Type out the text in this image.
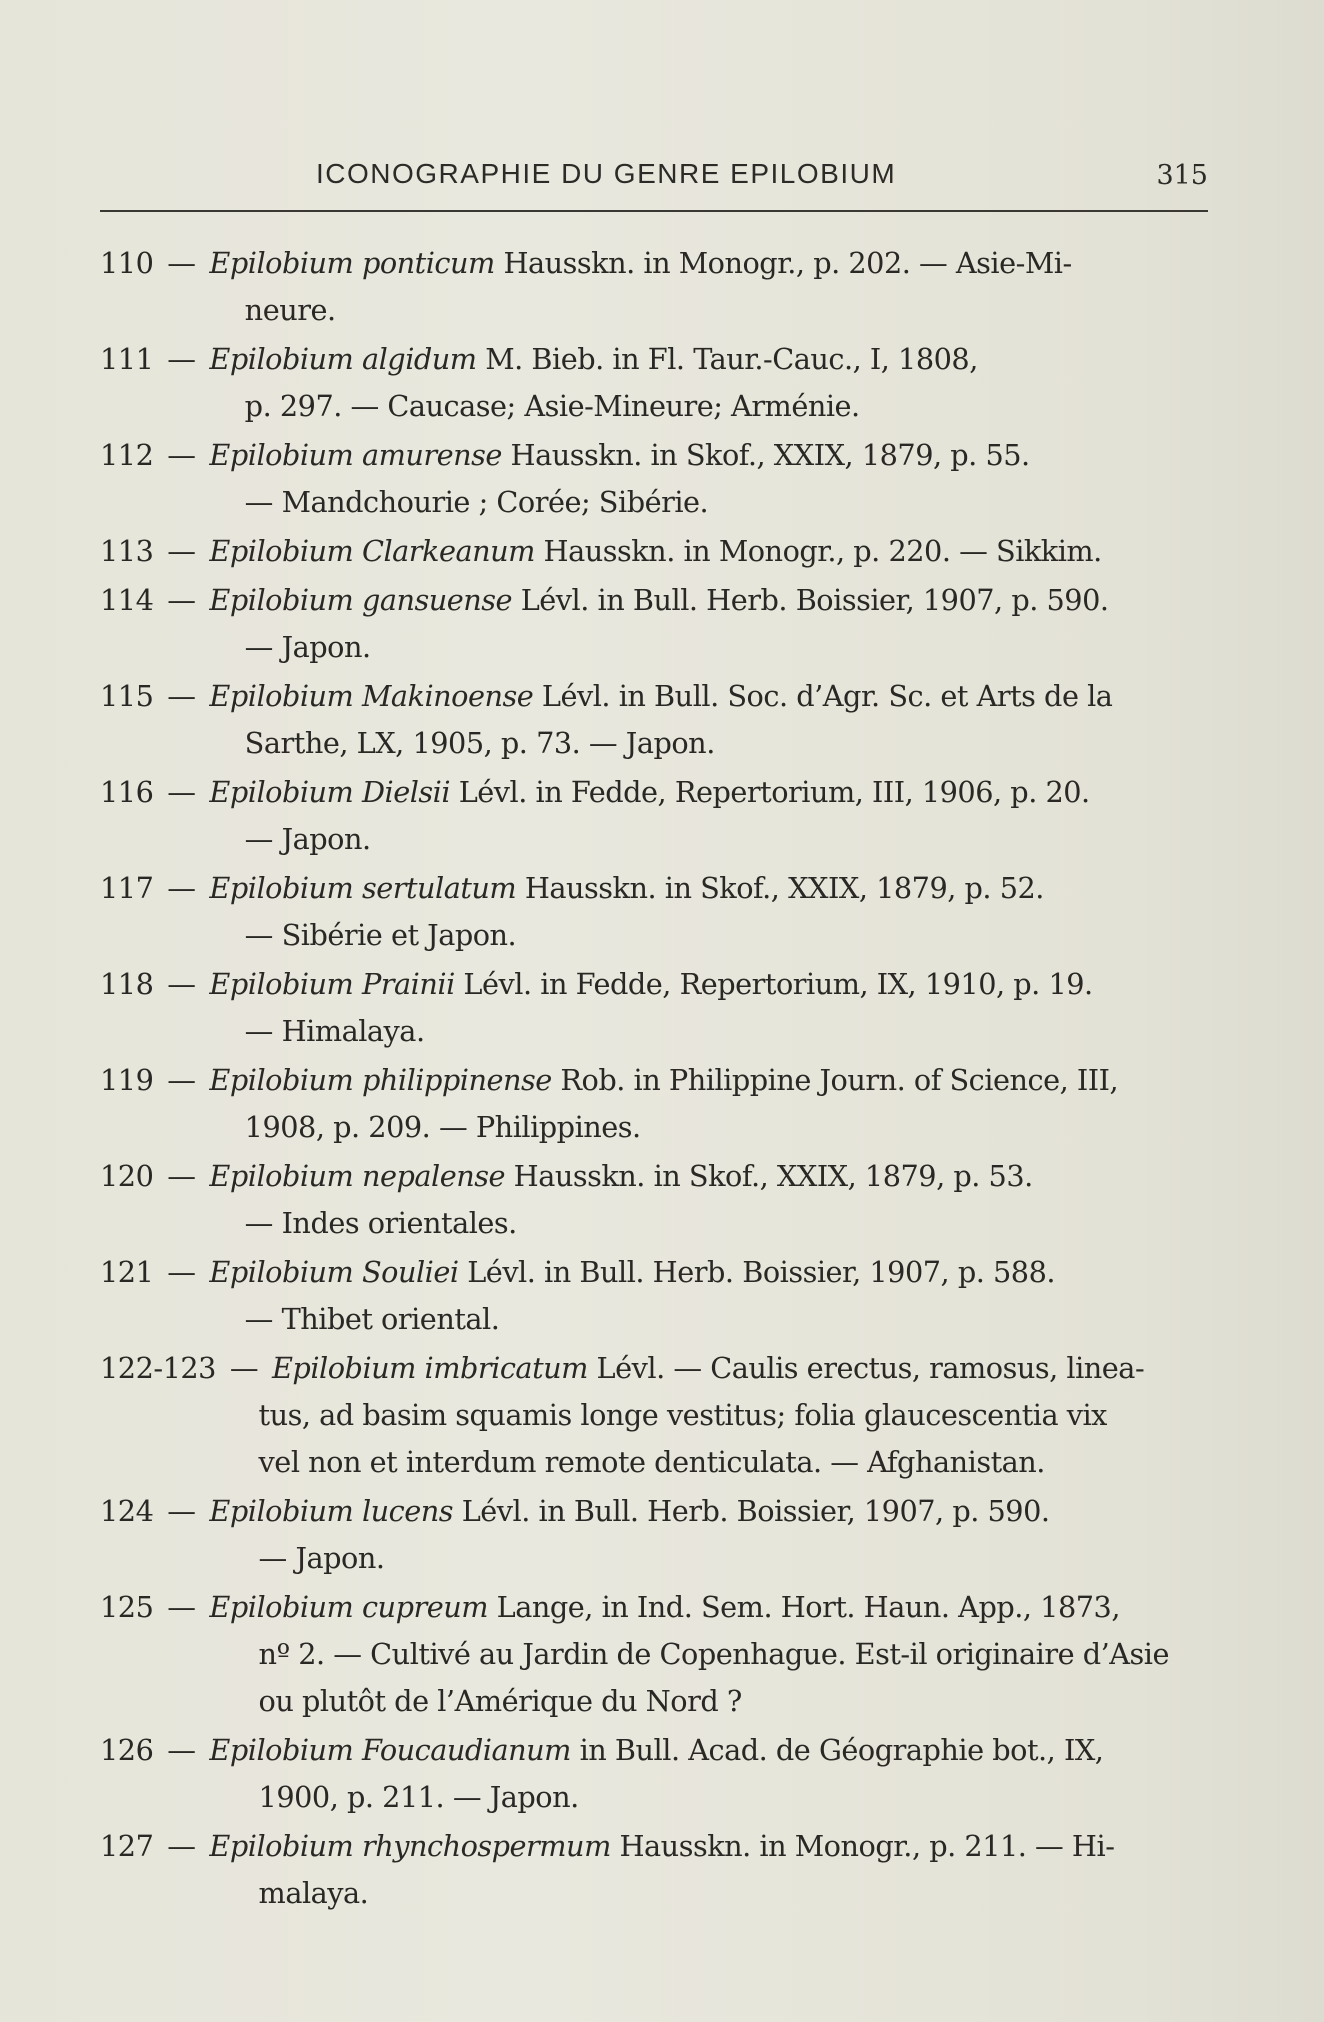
ICONOGRAPHIE DU GENRE EPILOBIUM	315
110 — Epilobium ponticum Hausskn. in Monogr., p. 202. — Asie-Mi-
neure.
111 — Epilobium algidum M. Bieb. in Fl. Taur.-Cauc., I, 1808,
p. 297. — Caucase; Asie-Mineure; Arménie.
112 — Epilobium amurense Hausskn. in Skof., XXIX, 1879, p. 55.
— Mandchourie ; Corée; Sibérie.
113 — Epilobium Clarkeanum Hausskn. in Monogr., p. 220. — Sikkim.
114 — Epilobium gansuense Lévl. in Bull. Herb. Boissier, 1907, p. 590.
— Japon.
115 — Epilobium Makinoense Lévl. in Bull. Soc. d’Agr. Sc. et Arts de la
Sarthe, LX, 1905, p. 73. — Japon.
116 — Epilobium Dielsii Lévl. in Fedde, Repertorium, III, 1906, p. 20.
— Japon.
117 — Epilobium sertulatum Hausskn. in Skof., XXIX, 1879, p. 52.
— Sibérie et Japon.
118 — Epilobium Prainii Lévl. in Fedde, Repertorium, IX, 1910, p. 19.
— Himalaya.
119 — Epilobium philippinense Rob. in Philippine Journ. of Science, III,
1908, p. 209. — Philippines.
120 — Epilobium nepalense Hausskn. in Skof., XXIX, 1879, p. 53.
— Indes orientales.
121 — Epilobium Souliei Lévl. in Bull. Herb. Boissier, 1907, p. 588.
— Thibet oriental.
122-123 — Epilobium imbricatum Lévl. — Caulis erectus, ramosus, linea-
tus, ad basim squamis longe vestitus; folia glaucescentia vix
vel non et interdum remote denticulata. — Afghanistan.
124 — Epilobium lucens Lévl. in Bull. Herb. Boissier, 1907, p. 590.
— Japon.
125 — Epilobium cupreum Lange, in Ind. Sem. Hort. Haun. App., 1873,
nº 2. — Cultivé au Jardin de Copenhague. Est-il originaire d’Asie
ou plutôt de l’Amérique du Nord ?
126 — Epilobium Foucaudianum in Bull. Acad. de Géographie bot., IX,
1900, p. 211. — Japon.
127 — Epilobium rhynchospermum Hausskn. in Monogr., p. 211. — Hi-
malaya.
